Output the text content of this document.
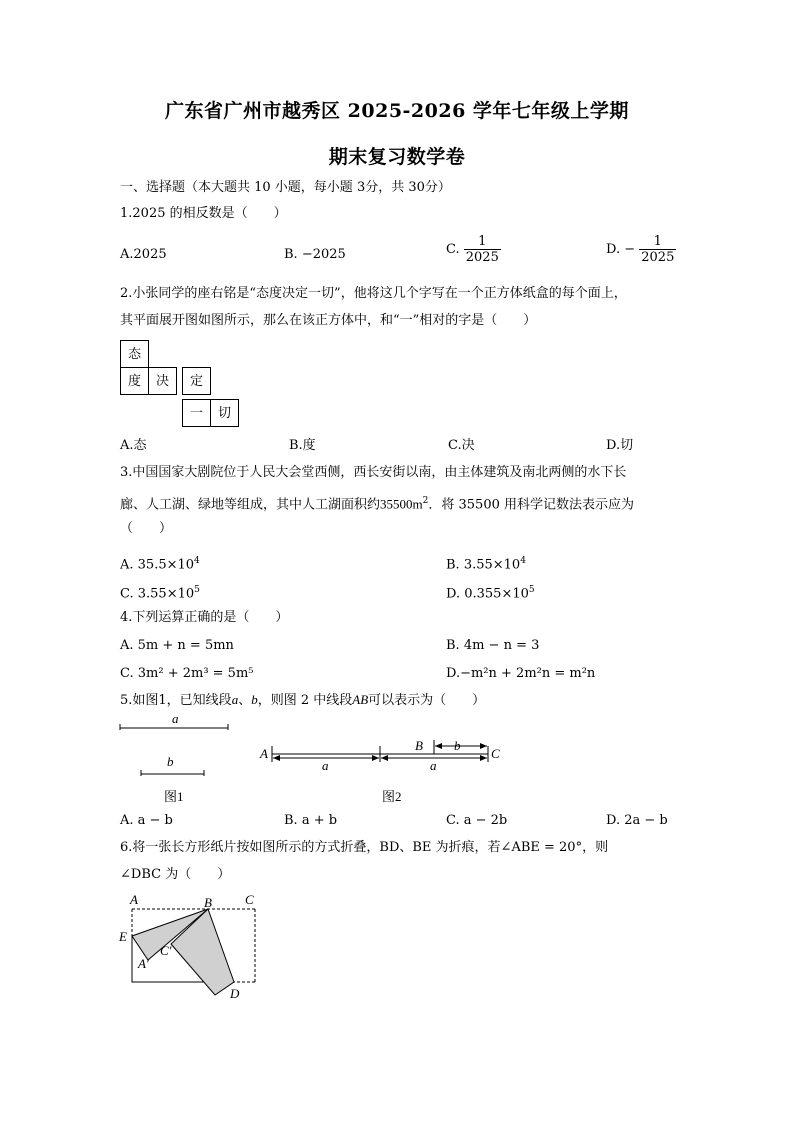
广东省广州市越秀区 2025-2026 学年七年级上学期
期末复习数学卷
一、选择题（本大题共 10 小题，每小题 3分，共 30分）
1.2025 的相反数是（　　）
A.2025	B. −2025	C. $\frac{1}{2025}$	D. − $\frac{1}{2025}$
2.小张同学的座右铭是“态度决定一切”，他将这几个字写在一个正方体纸盒的每个面上，
其平面展开图如图所示，那么在该正方体中，和“一”相对的字是（　　）
态
度	决	定
一	切
A.态	B.度	C.决	D.切
3.中国国家大剧院位于人民大会堂西侧，西长安街以南，由主体建筑及南北两侧的水下长
廊、人工湖、绿地等组成，其中人工湖面积约$35500m^2$．将 35500 用科学记数法表示应为
（　　）
A. $35.5\times 10^4$	B. $3.55\times 10^4$
C. $3.55\times 10^5$	D. $0.355\times 10^5$
4.下列运算正确的是（　　）
A. 5m + n = 5mn	B. 4m − n = 3
C. 3m² + 2m³ = 5m⁵	D.−m²n + 2m²n = m²n
5.如图1，已知线段a、b，则图 2 中线段AB可以表示为（　　）
a
b
图1
A
B
C
a	a
b
图2
A. a − b	B. a + b	C. a − 2b	D. 2a − b
6.将一张长方形纸片按如图所示的方式折叠，BD、BE 为折痕，若∠ABE = 20°，则
∠DBC 为（　　）
A	B	C
E
A′
C′
D
